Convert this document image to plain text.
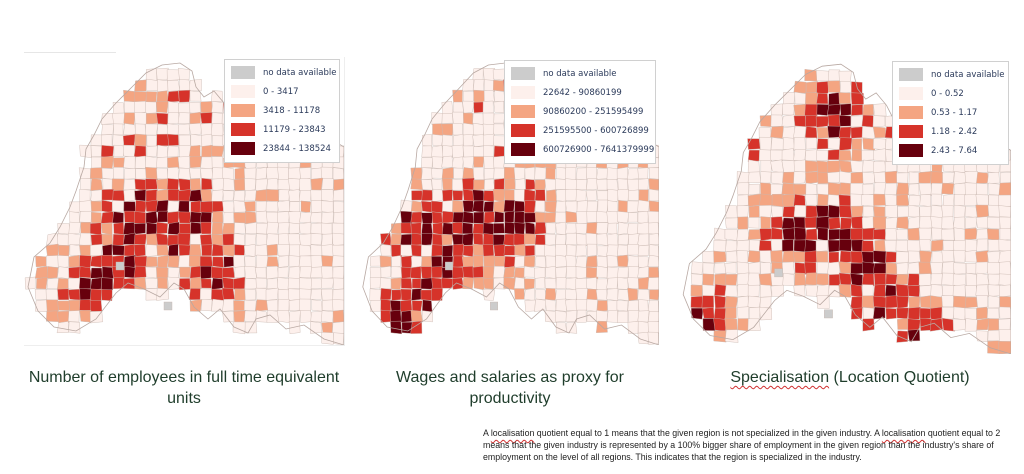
no data available
0 - 3417
3418 - 11178
11179 - 23843
23844 - 138524
no data available
22642 - 90860199
90860200 - 251595499
251595500 - 600726899
600726900 - 7641379999
no data available
0 - 0.52
0.53 - 1.17
1.18 - 2.42
2.43 - 7.64
Number of employees in full time equivalent units
Wages and salaries as proxy for productivity
Specialisation (Location Quotient)
A localisation quotient equal to 1 means that the given region is not specialized in the given industry. A localisation quotient equal to 2 means that the given industry is represented by a 100% bigger share of employment in the given region than the industry's share of employment on the level of all regions. This indicates that the region is specialized in the industry.
